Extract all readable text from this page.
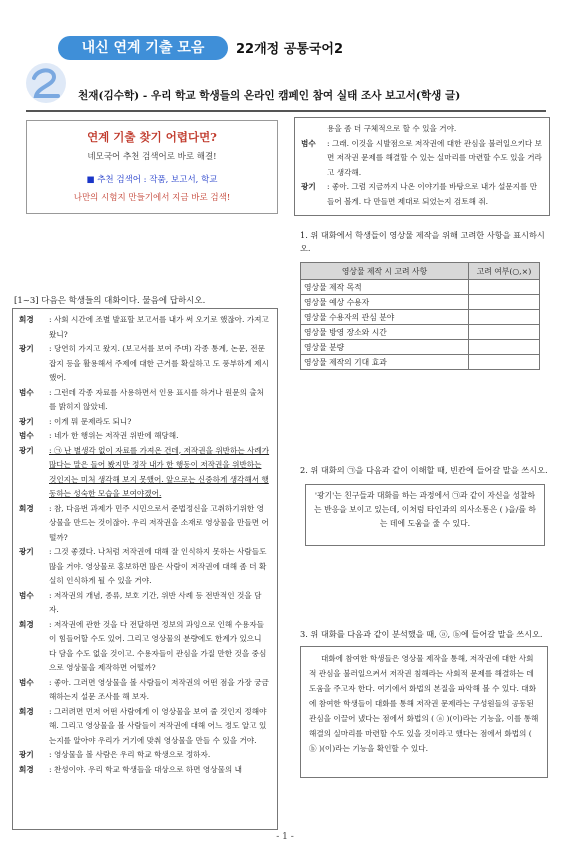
내신 연계 기출 모음	22개정 공통국어2
천재(김수학) - 우리 학교 학생들의 온라인 캠페인 참여 실태 조사 보고서(학생 글)
연계 기출 찾기 어렵다면?
네모국어 추천 검색어로 바로 해결!
■ 추천 검색어 : 작품, 보고서, 학교
나만의 시험지 만들기에서 지금 바로 검색!
[1~3] 다음은 학생들의 대화이다. 물음에 답하시오.
회경	: 사회 시간에 조별 발표할 보고서를 내가 써 오기로 했잖아. 가져고 왔니?
광기	: 당연히 가지고 왔지. (보고서를 보여 주며) 각종 통계, 논문, 전문 잡지 등을 활용해서 주제에 대한 근거를 확실하고 도 풍부하게 제시했어.
범수	: 그런데 각종 자료를 사용하면서 인용 표시를 하거나 원문의 출처를 밝히지 않았네.
광기	: 이게 뭐 문제라도 되니?
범수	: 네가 한 행위는 저작권 위반에 해당해.
광기	: ㉠ 난 별생각 없이 자료를 가져온 건데, 저작권을 위반하는 사례가 많다는 말은 들어 봤지만 정작 내가 한 행동이 저작권을 위반하는 것인지는 미처 생각해 보지 못했어. 앞으로는 신중하게 생각해서 행동하는 성숙한 모습을 보여야겠어.
회경	: 참, 다음번 과제가 민주 시민으로서 준법정신을 고취하기위한 영상물을 만드는 것이잖아. 우리 저작권을 소재로 영상물을 만들면 어떨까?
광기	: 그것 좋겠다. 나처럼 저작권에 대해 잘 인식하지 못하는 사람들도 많을 거야. 영상물로 홍보하면 많은 사람이 저작권에 대해 좀 더 확실히 인식하게 될 수 있을 거야.
범수	: 저작권의 개념, 종류, 보호 기간, 위반 사례 등 전반적인 것을 담자.
회경	: 저작권에 관한 것을 다 전달하면 정보의 과잉으로 인해 수용자들이 힘들어할 수도 있어. 그리고 영상물의 분량에도 한계가 있으니 다 담을 수도 없을 것이고. 수용자들이 관심을 가질 만한 것을 중심으로 영상물을 제작하면 어떨까?
범수	: 좋아. 그러면 영상물을 볼 사람들이 저작권의 어떤 점을 가장 궁금해하는지 설문 조사를 해 보자.
회경	: 그러려면 먼저 어떤 사람에게 이 영상물을 보여 줄 것인지 정해야 해. 그리고 영상물을 볼 사람들이 저작권에 대해 어느 정도 알고 있는지를 알아야 우리가 거기에 맞춰 영상물을 만들 수 있을 거야.
광기	: 영상물을 볼 사람은 우리 학교 학생으로 정하자.
회경	: 찬성이야. 우리 학교 학생들을 대상으로 하면 영상물의 내
용을 좀 더 구체적으로 할 수 있을 거야.
범수	: 그래. 이것을 시발점으로 저작권에 대한 관심을 불러일으키다 보면 저작권 문제를 해결할 수 있는 실마리를 마련할 수도 있을 거라고 생각해.
광기	: 좋아. 그럼 지금까지 나온 이야기를 바탕으로 내가 설문지를 만들어 볼게. 다 만들면 제대로 되었는지 검토해 줘.
1. 위 대화에서 학생들이 영상물 제작을 위해 고려한 사항을 표시하시오.
영상물 제작 시 고려 사항	고려 여부(○,×)
영상물 제작 목적	
영상물 예상 수용자	
영상물 수용자의 관심 분야	
영상물 방영 장소와 시간	
영상물 분량	
영상물 제작의 기대 효과	
2. 위 대화의 ㉠을 다음과 같이 이해할 때, 빈칸에 들어갈 말을 쓰시오.
'광기'는 친구들과 대화를 하는 과정에서 ㉠과 같이 자신을 성찰하는 반응을 보이고 있는데, 이처럼 타인과의 의사소통은 ( )을/를 하는 데에 도움을 줄 수 있다.
3. 위 대화를 다음과 같이 분석했을 때, ⓐ, ⓑ에 들어갈 말을 쓰시오.
대화에 참여한 학생들은 영상물 제작을 통해, 저작권에 대한 사회적 관심을 불러일으켜서 저작권 침해라는 사회적 문제를 해결하는 데 도움을 주고자 한다. 여기에서 화법의 본질을 파악해 볼 수 있다. 대화에 참여한 학생들이 대화를 통해 저작권 문제라는 구성원들의 공동된 관심을 이끌어 냈다는 점에서 화법의 ( ⓐ )(이)라는 기능을, 이를 통해 해결의 실마리를 마련할 수도 있을 것이라고 했다는 점에서 화법의 ( ⓑ )(이)라는 기능을 확인할 수 있다.
- 1 -
